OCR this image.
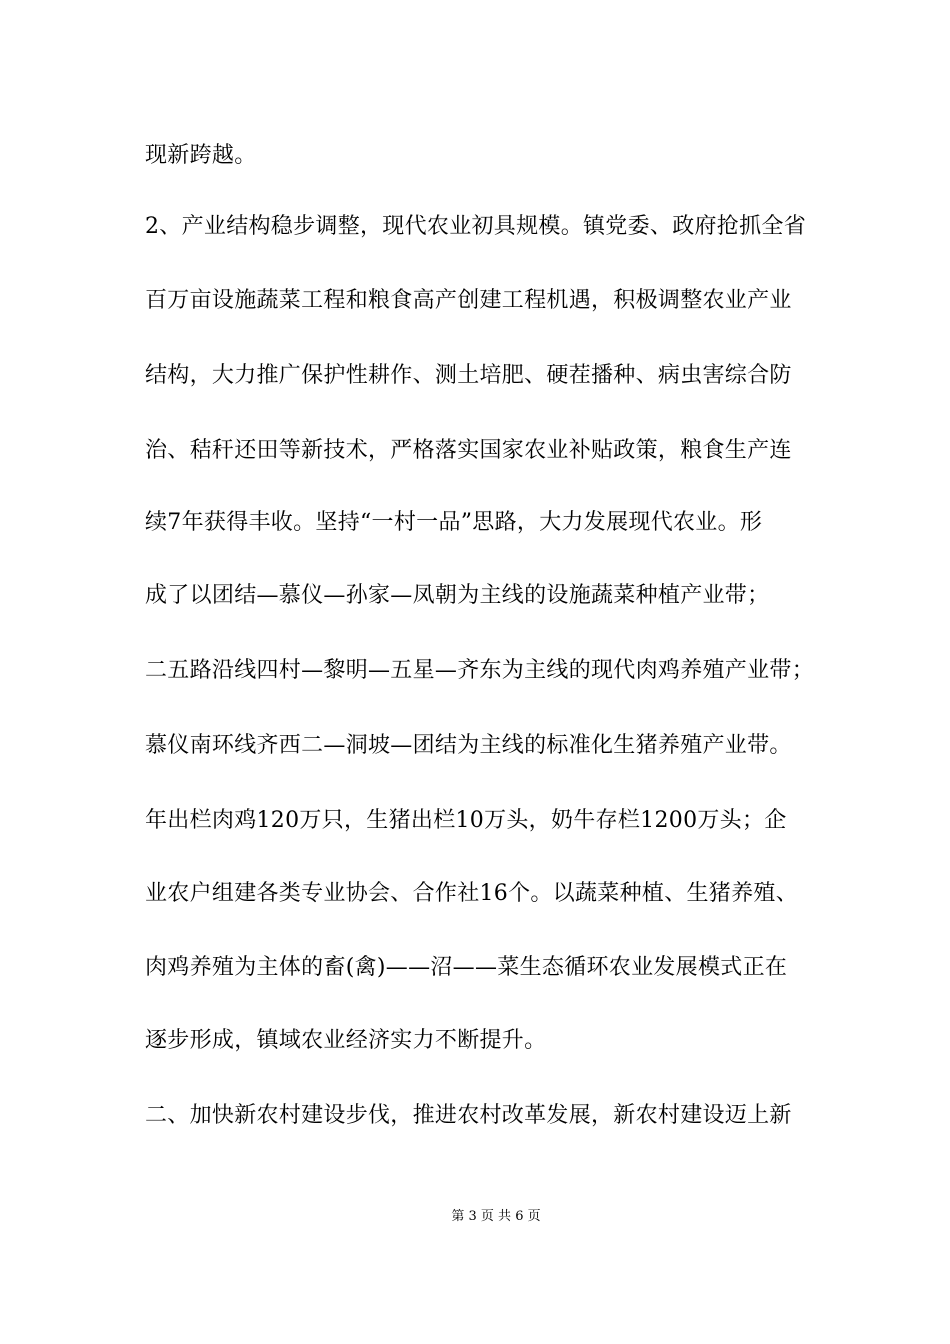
现新跨越。
2、产业结构稳步调整，现代农业初具规模。镇党委、政府抢抓全省
百万亩设施蔬菜工程和粮食高产创建工程机遇，积极调整农业产业
结构，大力推广保护性耕作、测土培肥、硬茬播种、病虫害综合防
治、秸秆还田等新技术，严格落实国家农业补贴政策，粮食生产连
续7年获得丰收。坚持“一村一品”思路，大力发展现代农业。形
成了以团结—慕仪—孙家—凤朝为主线的设施蔬菜种植产业带；
二五路沿线四村—黎明—五星—齐东为主线的现代肉鸡养殖产业带；
慕仪南环线齐西二—洞坡—团结为主线的标准化生猪养殖产业带。
年出栏肉鸡120万只，生猪出栏10万头，奶牛存栏1200万头；企
业农户组建各类专业协会、合作社16个。以蔬菜种植、生猪养殖、
肉鸡养殖为主体的畜(禽)——沼——菜生态循环农业发展模式正在
逐步形成，镇域农业经济实力不断提升。
二、加快新农村建设步伐，推进农村改革发展，新农村建设迈上新
第 3 页 共 6 页
